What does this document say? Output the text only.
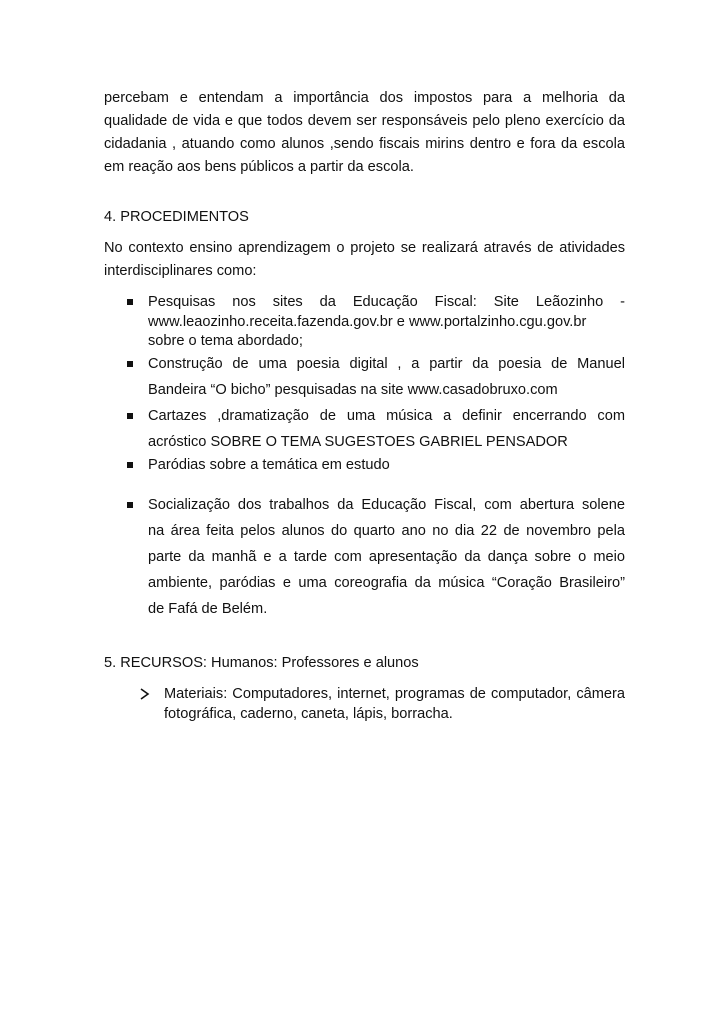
percebam e entendam a importância dos impostos para a melhoria da
qualidade de vida e que todos devem ser responsáveis pelo pleno exercício da
cidadania , atuando como alunos ,sendo fiscais mirins dentro e fora da escola
em reação aos bens públicos a partir da escola.
4. PROCEDIMENTOS
No contexto ensino aprendizagem o projeto se realizará através de atividades
interdisciplinares como:
Pesquisas nos sites da Educação Fiscal: Site Leãozinho -
www.leaozinho.receita.fazenda.gov.br e www.portalzinho.cgu.gov.br
sobre o tema abordado;
Construção de uma poesia digital , a partir da poesia de Manuel
Bandeira “O bicho” pesquisadas na site www.casadobruxo.com
Cartazes ,dramatização de uma música a definir encerrando com
acróstico SOBRE O TEMA SUGESTOES GABRIEL PENSADOR
Paródias sobre a temática em estudo
Socialização dos trabalhos da Educação Fiscal, com abertura solene
na área feita pelos alunos do quarto ano no dia 22 de novembro pela
parte da manhã e a tarde com apresentação da dança sobre o meio
ambiente, paródias e uma coreografia da música “Coração Brasileiro”
de Fafá de Belém.
5. RECURSOS: Humanos: Professores e alunos
Materiais: Computadores, internet, programas de computador, câmera
fotográfica, caderno, caneta, lápis, borracha.
